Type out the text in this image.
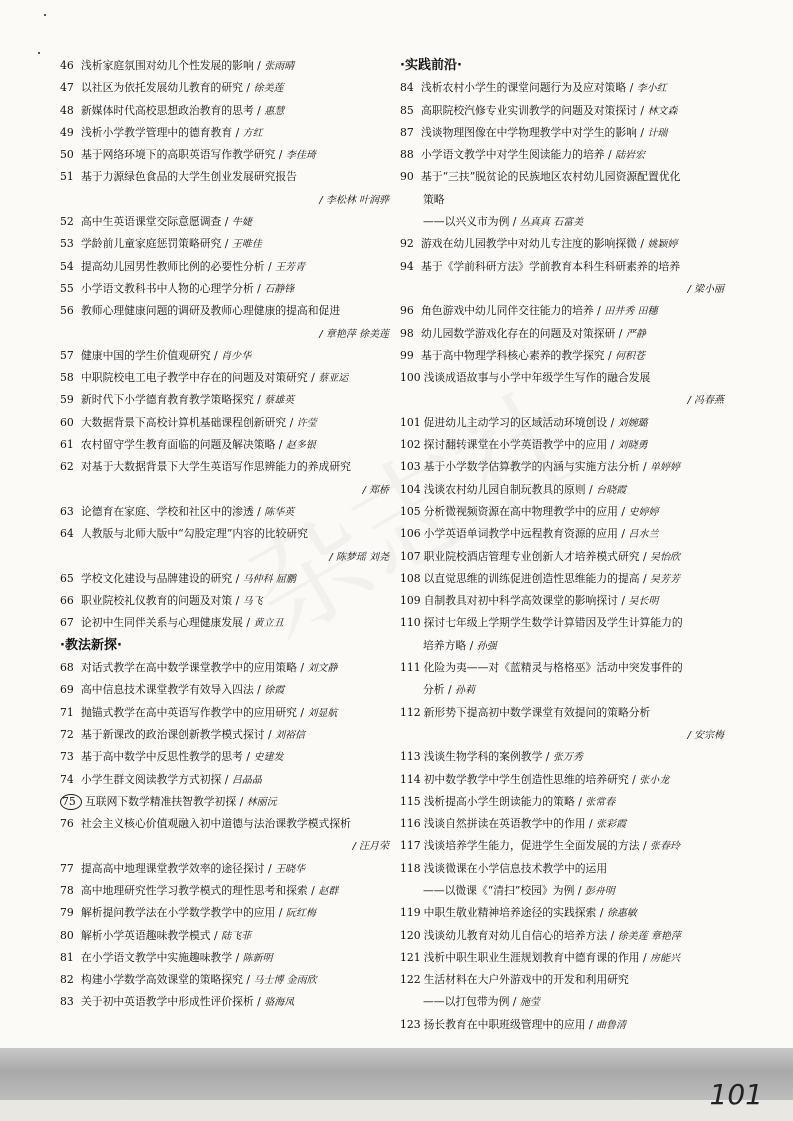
46 浅析家庭氛围对幼儿个性发展的影响 / 张雨晴
47 以社区为依托发展幼儿教育的研究 / 徐美莲
48 新媒体时代高校思想政治教育的思考 / 惠慧
49 浅析小学教学管理中的德育教育 / 方红
50 基于网络环境下的高职英语写作教学研究 / 李佳琦
51 基于力源绿色食品的大学生创业发展研究报告
/ 李松林 叶润骅
52 高中生英语课堂交际意愿调查 / 牛婕
53 学龄前儿童家庭惩罚策略研究 / 王唯佳
54 提高幼儿园男性教师比例的必要性分析 / 王芳青
55 小学语文教科书中人物的心理学分析 / 石静锋
56 教师心理健康问题的调研及教师心理健康的提高和促进
/ 章艳萍 徐美莲
57 健康中国的学生价值观研究 / 肖少华
58 中职院校电工电子教学中存在的问题及对策研究 / 蔡亚运
59 新时代下小学德育教育教学策略探究 / 蔡雄英
60 大数据背景下高校计算机基础课程创新研究 / 许莹
61 农村留守学生教育面临的问题及解决策略 / 赵多银
62 对基于大数据背景下大学生英语写作思辨能力的养成研究
/ 郑桥
63 论德育在家庭、学校和社区中的渗透 / 陈华英
64 人教版与北师大版中“勾股定理”内容的比较研究
/ 陈梦瑶 刘尧
65 学校文化建设与品牌建设的研究 / 马仲科 屈鹏
66 职业院校礼仪教育的问题及对策 / 马飞
67 论初中生同伴关系与心理健康发展 / 黄立丑
·教法新探·
68 对话式教学在高中数学课堂教学中的应用策略 / 刘文静
69 高中信息技术课堂教学有效导入四法 / 徐霞
71 抛锚式教学在高中英语写作教学中的应用研究 / 刘显航
72 基于新课改的政治课创新教学模式探讨 / 刘裕信
73 基于高中数学中反思性教学的思考 / 史建发
74 小学生群文阅读教学方式初探 / 吕晶晶
75 互联网下数学精准扶智教学初探 / 林丽沅
76 社会主义核心价值观融入初中道德与法治课教学模式探析
/ 汪月荣
77 提高高中地理课堂教学效率的途径探讨 / 王晓华
78 高中地理研究性学习教学模式的理性思考和探索 / 赵群
79 解析提问教学法在小学数学教学中的应用 / 阮红梅
80 解析小学英语趣味教学模式 / 陆飞菲
81 在小学语文教学中实施趣味教学 / 陈新明
82 构建小学数学高效课堂的策略探究 / 马士博 金雨欣
83 关于初中英语教学中形成性评价探析 / 骆海凤
·实践前沿·
84 浅析农村小学生的课堂问题行为及应对策略 / 李小红
85 高职院校汽修专业实训教学的问题及对策探讨 / 林文森
87 浅谈物理图像在中学物理教学中对学生的影响 / 计瑞
88 小学语文教学中对学生阅读能力的培养 / 陆岩宏
90 基于“三扶”脱贫论的民族地区农村幼儿园资源配置优化
策略
——以兴义市为例 / 丛真真 石富美
92 游戏在幼儿园教学中对幼儿专注度的影响探微 / 姚颖婷
94 基于《学前科研方法》学前教育本科生科研素养的培养
/ 梁小丽
96 角色游戏中幼儿同伴交往能力的培养 / 田井秀 田穗
98 幼儿园数学游戏化存在的问题及对策探研 / 严静
99 基于高中物理学科核心素养的教学探究 / 何积苍
100 浅谈成语故事与小学中年级学生写作的融合发展
/ 冯春燕
101 促进幼儿主动学习的区域活动环境创设 / 刘婉璐
102 探讨翻转课堂在小学英语教学中的应用 / 刘晓勇
103 基于小学数学估算教学的内涵与实施方法分析 / 单婷婷
104 浅谈农村幼儿园自制玩教具的原则 / 台晓霞
105 分析微视频资源在高中物理教学中的应用 / 史婷婷
106 小学英语单词教学中远程教育资源的应用 / 吕水兰
107 职业院校酒店管理专业创新人才培养模式研究 / 吴怡欣
108 以直觉思维的训练促进创造性思维能力的提高 / 吴芳芳
109 自制教具对初中科学高效课堂的影响探讨 / 吴长明
110 探讨七年级上学期学生数学计算错因及学生计算能力的
培养方略 / 孙强
111 化险为夷——对《蓝精灵与格格巫》活动中突发事件的
分析 / 孙莉
112 新形势下提高初中数学课堂有效提问的策略分析
/ 安宗梅
113 浅谈生物学科的案例教学 / 张万秀
114 初中数学教学中学生创造性思维的培养研究 / 张小龙
115 浅析提高小学生朗读能力的策略 / 张常春
116 浅谈自然拼读在英语教学中的作用 / 张彩霞
117 浅谈培养学生能力，促进学生全面发展的方法 / 张春玲
118 浅谈微课在小学信息技术教学中的运用
——以微课《“清扫”校园》为例 / 彭舟明
119 中职生敬业精神培养途径的实践探索 / 徐惠敏
120 浅谈幼儿教育对幼儿自信心的培养方法 / 徐美莲 章艳萍
121 浅析中职生职业生涯规划教育中德育课的作用 / 房能兴
122 生活材料在大户外游戏中的开发和利用研究
——以打包带为例 / 施莹
123 扬长教育在中职班级管理中的应用 / 曲鲁清
101
